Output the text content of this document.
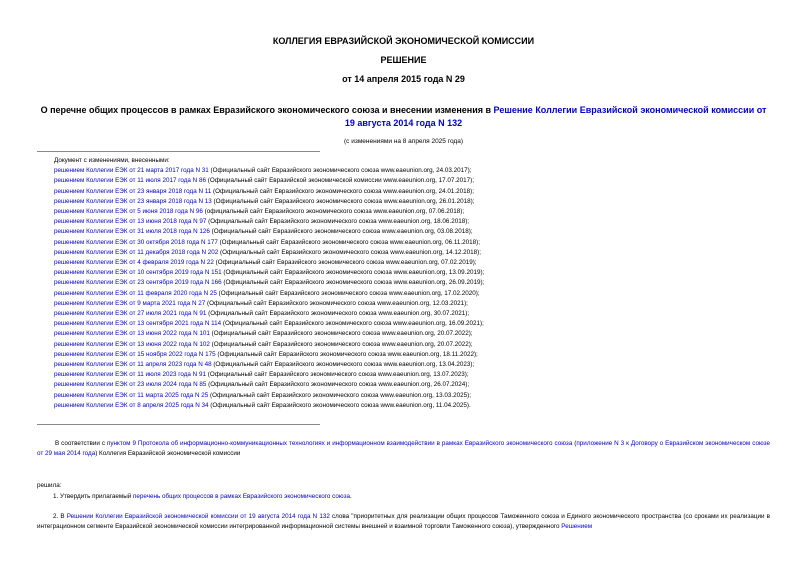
КОЛЛЕГИЯ ЕВРАЗИЙСКОЙ ЭКОНОМИЧЕСКОЙ КОМИССИИ
РЕШЕНИЕ
от 14 апреля 2015 года N 29
О перечне общих процессов в рамках Евразийского экономического союза и внесении изменения в Решение Коллегии Евразийской экономической комиссии от 19 августа 2014 года N 132
(с изменениями на 8 апреля 2025 года)
Документ с изменениями, внесенными:
решением Коллегии ЕЭК от 21 марта 2017 года N 31 (Официальный сайт Евразийского экономического союза www.eaeunion.org, 24.03.2017);
решением Коллегии ЕЭК от 11 июля 2017 года N 86 (Официальный сайт Евразийской экономической комиссии www.eaeunion.org, 17.07.2017);
решением Коллегии ЕЭК от 23 января 2018 года N 11 (Официальный сайт Евразийского экономического союза www.eaeunion.org, 24.01.2018);
решением Коллегии ЕЭК от 23 января 2018 года N 13 (Официальный сайт Евразийского экономического союза www.eaeunion.org, 26.01.2018);
решением Коллегии ЕЭК от 5 июня 2018 года N 96 (официальный сайт Евразийского экономического союза www.eaeunion.org, 07.06.2018);
решением Коллегии ЕЭК от 13 июня 2018 года N 97 (Официальный сайт Евразийского экономического союза www.eaeunion.org, 18.06.2018);
решением Коллегии ЕЭК от 31 июля 2018 года N 126 (Официальный сайт Евразийского экономического союза www.eaeunion.org, 03.08.2018);
решением Коллегии ЕЭК от 30 октября 2018 года N 177 (Официальный сайт Евразийского экономического союза www.eaeunion.org, 06.11.2018);
решением Коллегии ЕЭК от 11 декабря 2018 года N 202 (Официальный сайт Евразийского экономического союза www.eaeunion.org, 14.12.2018);
решением Коллегии ЕЭК от 4 февраля 2019 года N 22 (Официальный сайт Евразийского экономического союза www.eaeunion.org, 07.02.2019);
решением Коллегии ЕЭК от 10 сентября 2019 года N 151 (Официальный сайт Евразийского экономического союза www.eaeunion.org, 13.09.2019);
решением Коллегии ЕЭК от 23 сентября 2019 года N 166 (Официальный сайт Евразийского экономического союза www.eaeunion.org, 26.09.2019);
решением Коллегии ЕЭК от 11 февраля 2020 года N 25 (Официальный сайт Евразийского экономического союза www.eaeunion.org, 17.02.2020);
решением Коллегии ЕЭК от 9 марта 2021 года N 27 (Официальный сайт Евразийского экономического союза www.eaeunion.org, 12.03.2021);
решением Коллегии ЕЭК от 27 июля 2021 года N 91 (Официальный сайт Евразийского экономического союза www.eaeunion.org, 30.07.2021);
решением Коллегии ЕЭК от 13 сентября 2021 года N 114 (Официальный сайт Евразийского экономического союза www.eaeunion.org, 16.09.2021);
решением Коллегии ЕЭК от 13 июня 2022 года N 101 (Официальный сайт Евразийского экономического союза www.eaeunion.org, 20.07.2022);
решением Коллегии ЕЭК от 13 июня 2022 года N 102 (Официальный сайт Евразийского экономического союза www.eaeunion.org, 20.07.2022);
решением Коллегии ЕЭК от 15 ноября 2022 года N 175 (Официальный сайт Евразийского экономического союза www.eaeunion.org, 18.11.2022);
решением Коллегии ЕЭК от 11 апреля 2023 года N 48 (Официальный сайт Евразийского экономического союза www.eaeunion.org, 13.04.2023);
решением Коллегии ЕЭК от 11 июля 2023 года N 91 (Официальный сайт Евразийского экономического союза www.eaeunion.org, 13.07.2023);
решением Коллегии ЕЭК от 23 июля 2024 года N 85 (Официальный сайт Евразийского экономического союза www.eaeunion.org, 26.07.2024);
решением Коллегии ЕЭК от 11 марта 2025 года N 25 (Официальный сайт Евразийского экономического союза www.eaeunion.org, 13.03.2025);
решением Коллегии ЕЭК от 8 апреля 2025 года N 34 (Официальный сайт Евразийского экономического союза www.eaeunion.org, 11.04.2025).
В соответствии с пунктом 9 Протокола об информационно-коммуникационных технологиях и информационном взаимодействии в рамках Евразийского экономического союза (приложение N 3 к Договору о Евразийском экономическом союзе от 29 мая 2014 года) Коллегия Евразийской экономической комиссии
решила:
1. Утвердить прилагаемый перечень общих процессов в рамках Евразийского экономического союза.
2. В Решении Коллегии Евразийской экономической комиссии от 19 августа 2014 года N 132 слова "приоритетных для реализации общих процессов Таможенного союза и Единого экономического пространства (со сроками их реализации в интеграционном сегменте Евразийской экономической комиссии интегрированной информационной системы внешней и взаимной торговли Таможенного союза), утвержденного Решением
